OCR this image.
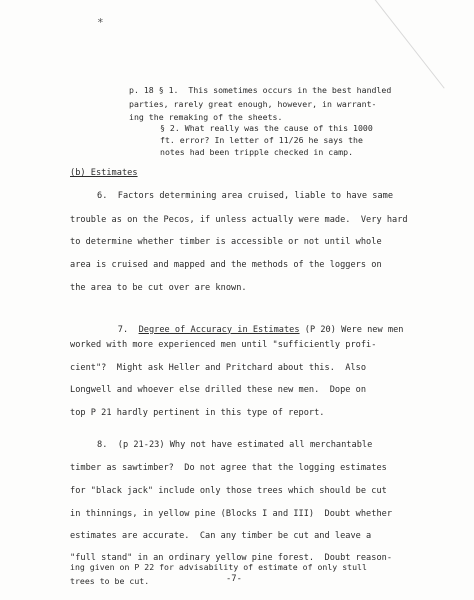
*
p. 18 § 1.  This sometimes occurs in the best handled
parties, rarely great enough, however, in warrant-
ing the remaking of the sheets.
§ 2. What really was the cause of this 1000
ft. error? In letter of 11/26 he says the
notes had been tripple checked in camp.
(b) Estimates
6.  Factors determining area cruised, liable to have same
trouble as on the Pecos, if unless actually were made.  Very hard
to determine whether timber is accessible or not until whole
area is cruised and mapped and the methods of the loggers on
the area to be cut over are known.

7.  Degree of Accuracy in Estimates (P 20) Were new men

worked with more experienced men until "sufficiently profi-
cient"?  Might ask Heller and Pritchard about this.  Also
Longwell and whoever else drilled these new men.  Dope on
top P 21 hardly pertinent in this type of report.
8.  (p 21-23) Why not have estimated all merchantable
timber as sawtimber?  Do not agree that the logging estimates
for "black jack" include only those trees which should be cut
in thinnings, in yellow pine (Blocks I and III)  Doubt whether
estimates are accurate.  Can any timber be cut and leave a
"full stand" in an ordinary yellow pine forest.  Doubt reason-
ing given on P 22 for advisability of estimate of only stull
trees to be cut.	-7-
